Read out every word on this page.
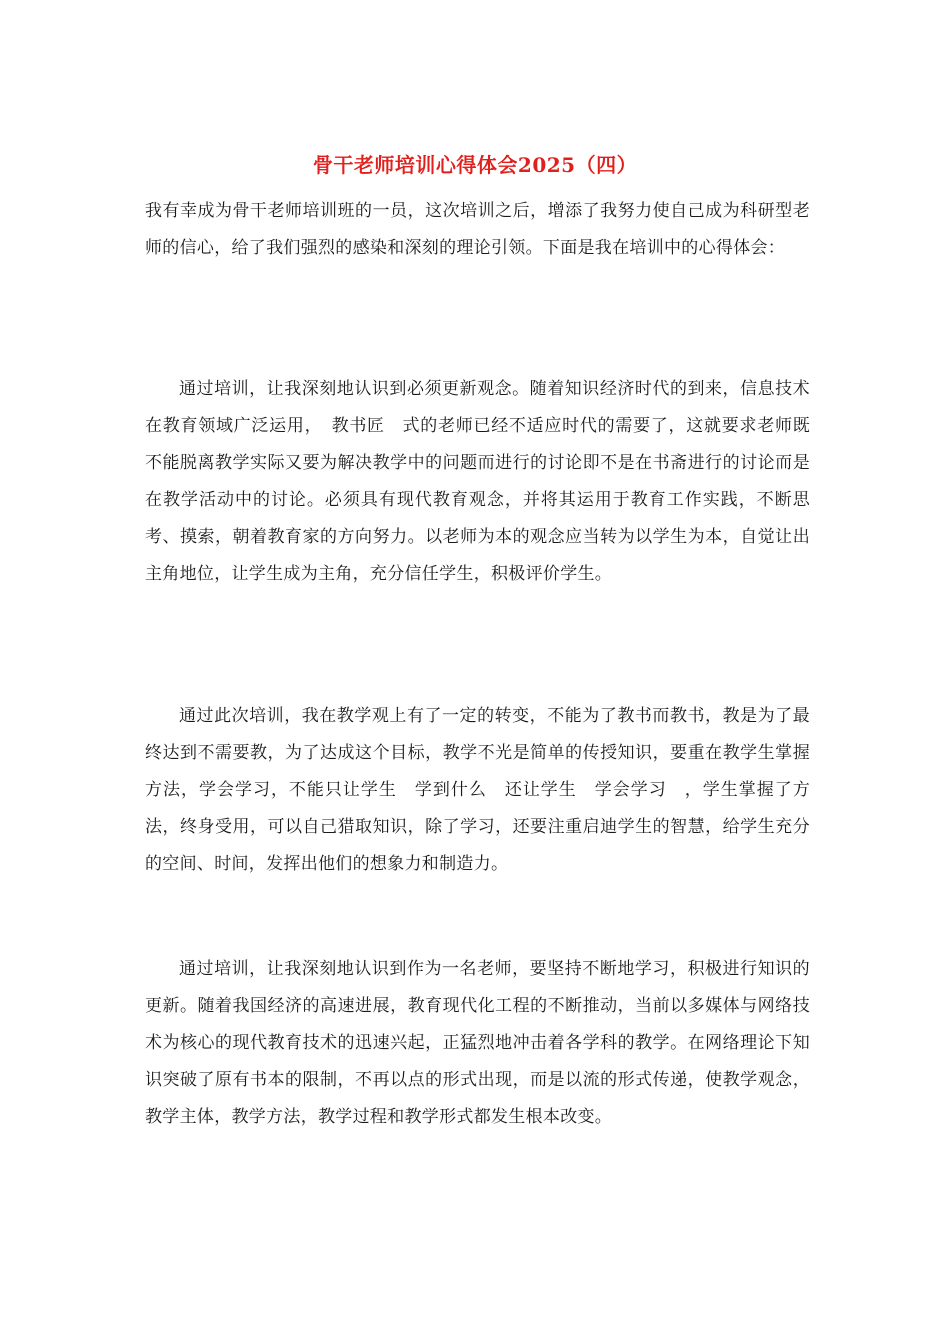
骨干老师培训心得体会2025（四）

我有幸成为骨干老师培训班的一员，这次培训之后，增添了我努力使自己成为科研型老师的信心，给了我们强烈的感染和深刻的理论引领。下面是我在培训中的心得体会：

通过培训，让我深刻地认识到必须更新观念。随着知识经济时代的到来，信息技术在教育领域广泛运用，　教书匠　式的老师已经不适应时代的需要了，这就要求老师既不能脱离教学实际又要为解决教学中的问题而进行的讨论即不是在书斋进行的讨论而是在教学活动中的讨论。必须具有现代教育观念，并将其运用于教育工作实践，不断思考、摸索，朝着教育家的方向努力。以老师为本的观念应当转为以学生为本，自觉让出主角地位，让学生成为主角，充分信任学生，积极评价学生。

通过此次培训，我在教学观上有了一定的转变，不能为了教书而教书，教是为了最终达到不需要教，为了达成这个目标，教学不光是简单的传授知识，要重在教学生掌握方法，学会学习，不能只让学生　学到什么　还让学生　学会学习　，学生掌握了方法，终身受用，可以自己猎取知识，除了学习，还要注重启迪学生的智慧，给学生充分的空间、时间，发挥出他们的想象力和制造力。

通过培训，让我深刻地认识到作为一名老师，要坚持不断地学习，积极进行知识的更新。随着我国经济的高速进展，教育现代化工程的不断推动，当前以多媒体与网络技术为核心的现代教育技术的迅速兴起，正猛烈地冲击着各学科的教学。在网络理论下知识突破了原有书本的限制，不再以点的形式出现，而是以流的形式传递，使教学观念，教学主体，教学方法，教学过程和教学形式都发生根本改变。
